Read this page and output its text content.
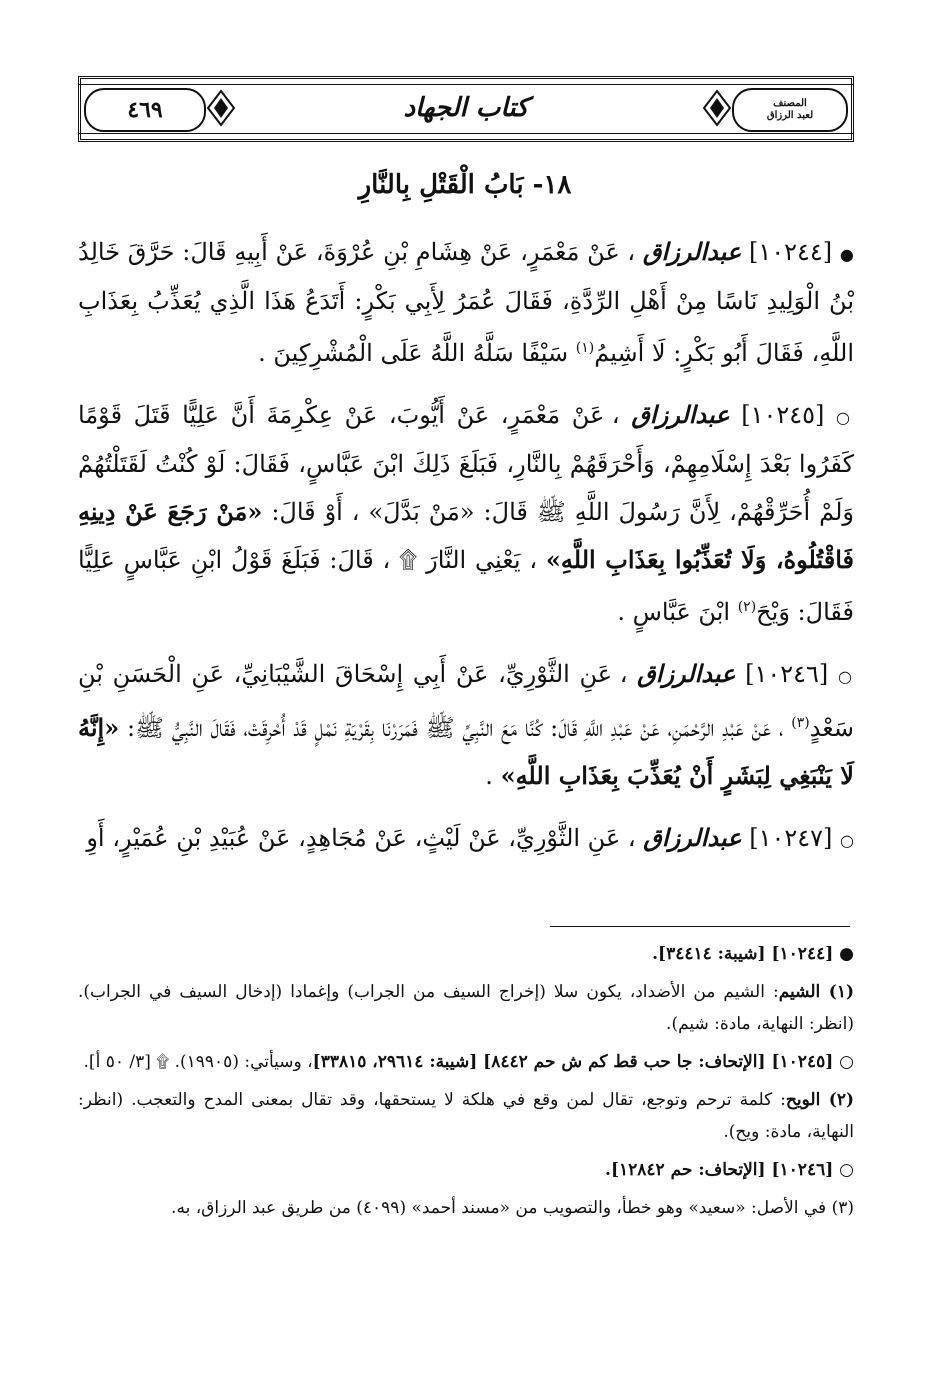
٤٦٩	كتاب الجهاد	المصنف
لعبد الرزاق
١٨- بَابُ الْقَتْلِ بِالنَّارِ

● [١٠٢٤٤] عبدالرزاق ، عَنْ مَعْمَرٍ، عَنْ هِشَامِ بْنِ عُرْوَةَ، عَنْ أَبِيهِ قَالَ: حَرَّقَ خَالِدُ بْنُ الْوَلِيدِ نَاسًا مِنْ أَهْلِ الرِّدَّةِ، فَقَالَ عُمَرُ لِأَبِي بَكْرٍ: أَتَدَعُ هَذَا الَّذِي يُعَذِّبُ بِعَذَابِ اللَّهِ، فَقَالَ أَبُو بَكْرٍ: لَا أَشِيمُ$^{(١)}$ سَيْفًا سَلَّهُ اللَّهُ عَلَى الْمُشْرِكِينَ .

○ [١٠٢٤٥] عبدالرزاق ، عَنْ مَعْمَرٍ، عَنْ أَيُّوبَ، عَنْ عِكْرِمَةَ أَنَّ عَلِيًّا قَتَلَ قَوْمًا كَفَرُوا بَعْدَ إِسْلَامِهِمْ، وَأَحْرَقَهُمْ بِالنَّارِ، فَبَلَغَ ذَلِكَ ابْنَ عَبَّاسٍ، فَقَالَ: لَوْ كُنْتُ لَقَتَلْتُهُمْ وَلَمْ أُحَرِّقْهُمْ، لِأَنَّ رَسُولَ اللَّهِ ﷺ قَالَ: «مَنْ بَدَّلَ» ، أَوْ قَالَ: «مَنْ رَجَعَ عَنْ دِينِهِ فَاقْتُلُوهُ، وَلَا تُعَذِّبُوا بِعَذَابِ اللَّهِ» ، يَعْنِي النَّارَ ۩ ، قَالَ: فَبَلَغَ قَوْلُ ابْنِ عَبَّاسٍ عَلِيًّا فَقَالَ: وَيْحَ$^{(٢)}$ ابْنَ عَبَّاسٍ .

○ [١٠٢٤٦] عبدالرزاق ، عَنِ الثَّوْرِيِّ، عَنْ أَبِي إِسْحَاقَ الشَّيْبَانِيِّ، عَنِ الْحَسَنِ بْنِ سَعْدٍ$^{(٣)}$ ، عَنْ عَبْدِ الرَّحْمَنِ، عَنْ عَبْدِ اللَّهِ قَالَ: كُنَّا مَعَ النَّبِيِّ ﷺ فَمَرَرْنَا بِقَرْيَةِ نَمْلٍ قَدْ أُحْرِقَتْ، فَقَالَ النَّبِيُّ ﷺ: «إِنَّهُ لَا يَنْبَغِي لِبَشَرٍ أَنْ يُعَذِّبَ بِعَذَابِ اللَّهِ» .

○ [١٠٢٤٧] عبدالرزاق ، عَنِ الثَّوْرِيِّ، عَنْ لَيْثٍ، عَنْ مُجَاهِدٍ، عَنْ عُبَيْدِ بْنِ عُمَيْرٍ، أَوِ

● [١٠٢٤٤] [شيبة: ٣٤٤١٤].

(١) الشيم: الشيم من الأضداد، يكون سلا (إخراج السيف من الجراب) وإغمادا (إدخال السيف في الجراب). (انظر: النهاية، مادة: شيم).

○ [١٠٢٤٥] [الإتحاف: جا حب قط كم ش حم ٨٤٤٢] [شيبة: ٢٩٦١٤، ٣٣٨١٥]، وسيأتي: (١٩٩٠٥). ۩ [٣/ ٥٠ أ].

(٢) الويح: كلمة ترحم وتوجع، تقال لمن وقع في هلكة لا يستحقها، وقد تقال بمعنى المدح والتعجب. (انظر: النهاية، مادة: ويح).

○ [١٠٢٤٦] [الإتحاف: حم ١٢٨٤٢].

(٣) في الأصل: «سعيد» وهو خطأ، والتصويب من «مسند أحمد» (٤٠٩٩) من طريق عبد الرزاق، به.
